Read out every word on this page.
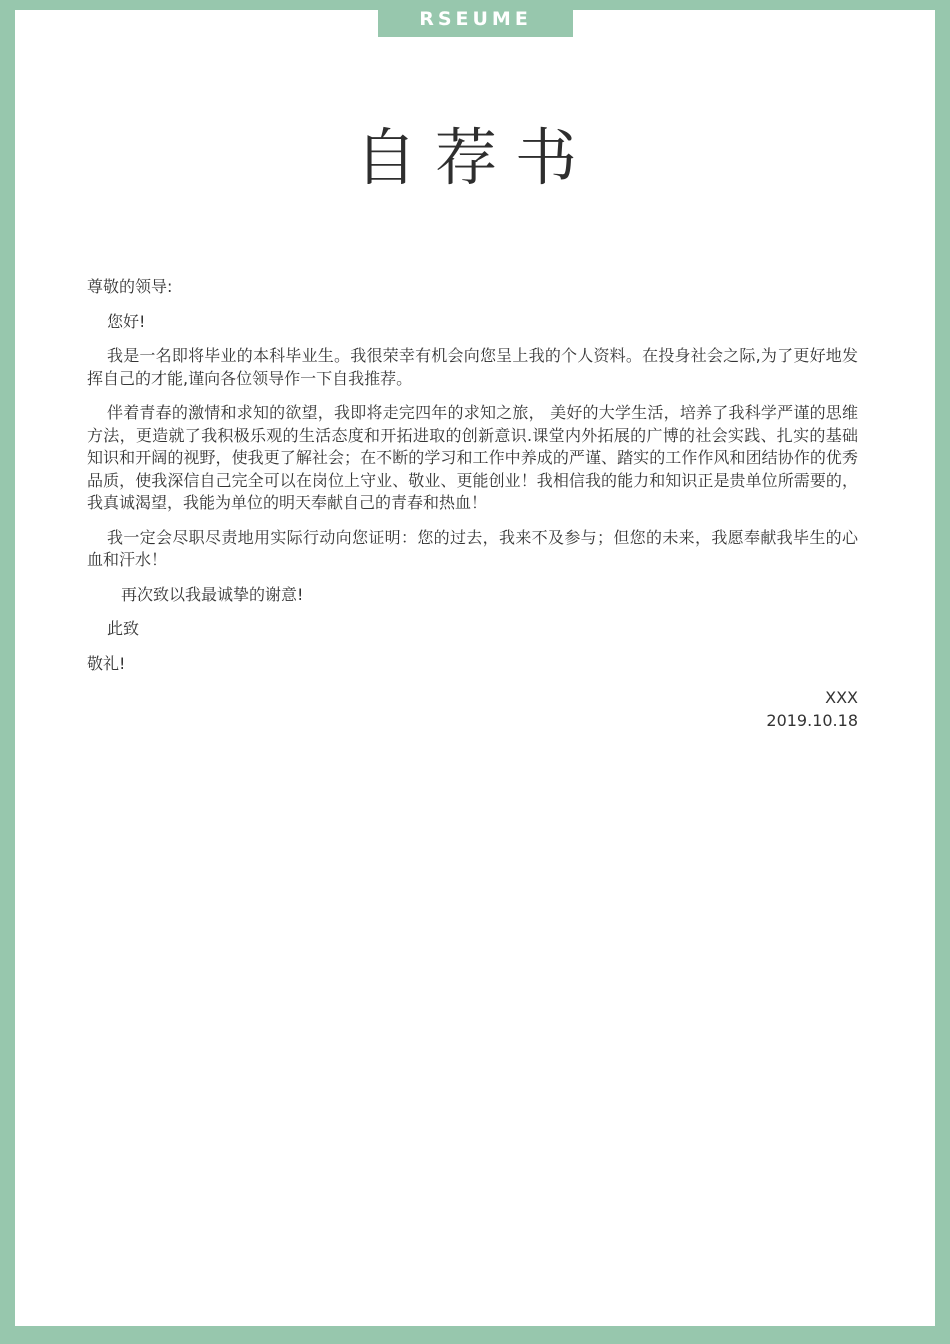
RSEUME
自荐书

尊敬的领导:

您好!

我是一名即将毕业的本科毕业生。我很荣幸有机会向您呈上我的个人资料。在投身社会之际,为了更好地发挥自己的才能,谨向各位领导作一下自我推荐。

伴着青春的激情和求知的欲望，我即将走完四年的求知之旅， 美好的大学生活，培养了我科学严谨的思维方法，更造就了我积极乐观的生活态度和开拓进取的创新意识.课堂内外拓展的广博的社会实践、扎实的基础知识和开阔的视野，使我更了解社会；在不断的学习和工作中养成的严谨、踏实的工作作风和团结协作的优秀品质，使我深信自己完全可以在岗位上守业、敬业、更能创业！我相信我的能力和知识正是贵单位所需要的，我真诚渴望，我能为单位的明天奉献自己的青春和热血！

我一定会尽职尽责地用实际行动向您证明：您的过去，我来不及参与；但您的未来，我愿奉献我毕生的心血和汗水！

再次致以我最诚挚的谢意!

此致

敬礼!

XXX
2019.10.18
